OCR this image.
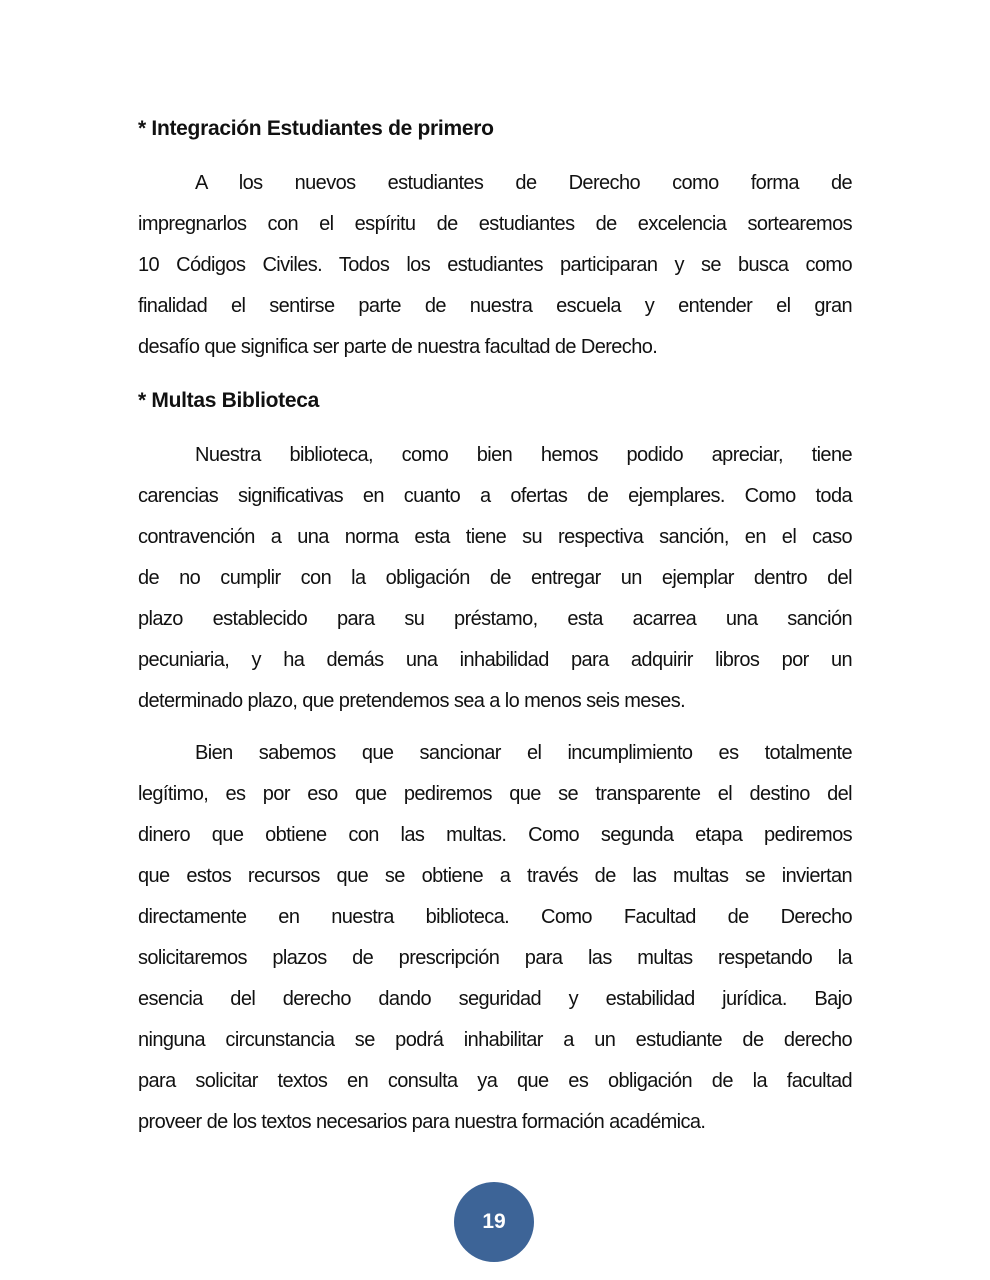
* Integración Estudiantes de primero
A los nuevos estudiantes de Derecho como forma de
impregnarlos con el espíritu de estudiantes de excelencia sortearemos
10 Códigos Civiles. Todos los estudiantes participaran y se busca como
finalidad el sentirse parte de nuestra escuela y entender el gran
desafío que significa ser parte de nuestra facultad de Derecho.
* Multas Biblioteca
Nuestra biblioteca, como bien hemos podido apreciar, tiene
carencias significativas en cuanto a ofertas de ejemplares. Como toda
contravención a una norma esta tiene su respectiva sanción, en el caso
de no cumplir con la obligación de entregar un ejemplar dentro del
plazo establecido para su préstamo, esta acarrea una sanción
pecuniaria, y ha demás una inhabilidad para adquirir libros por un
determinado plazo, que pretendemos sea a lo menos seis meses.
Bien sabemos que sancionar el incumplimiento es totalmente
legítimo, es por eso que pediremos que se transparente el destino del
dinero que obtiene con las multas. Como segunda etapa pediremos
que estos recursos que se obtiene a través de las multas se inviertan
directamente en nuestra biblioteca. Como Facultad de Derecho
solicitaremos plazos de prescripción para las multas respetando la
esencia del derecho dando seguridad y estabilidad jurídica. Bajo
ninguna circunstancia se podrá inhabilitar a un estudiante de derecho
para solicitar textos en consulta ya que es obligación de la facultad
proveer de los textos necesarios para nuestra formación académica.
19
